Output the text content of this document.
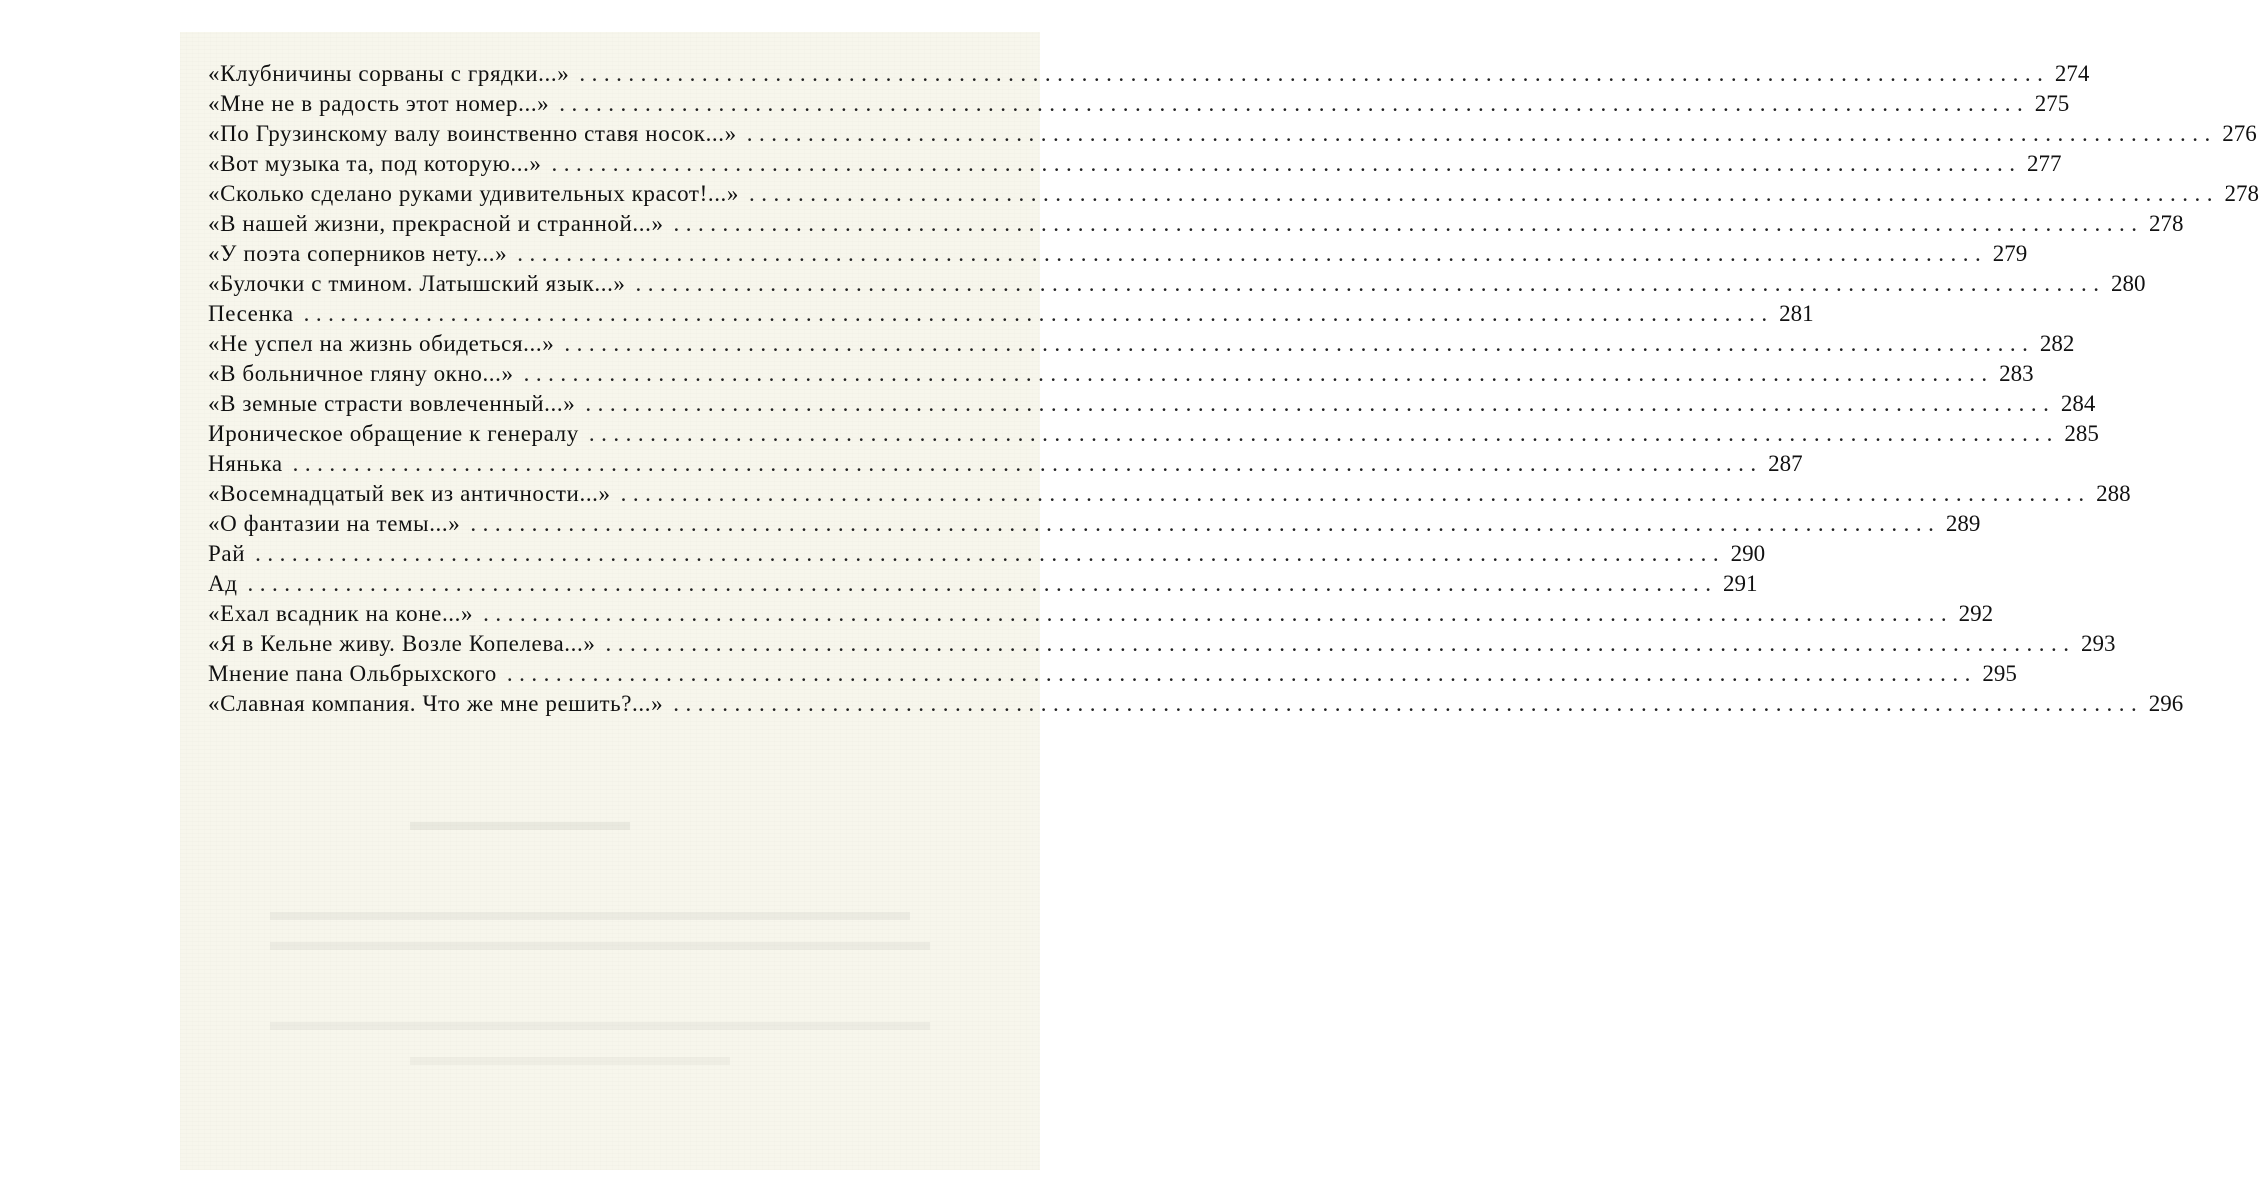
«Клубничины сорваны с грядки...» ........................................................................................................................ 274
«Мне не в радость этот номер...» ........................................................................................................................ 275
«По Грузинскому валу воинственно ставя носок...» ........................................................................................................................ 276
«Вот музыка та, под которую...» ........................................................................................................................ 277
«Сколько сделано руками удивительных красот!...» ........................................................................................................................ 278
«В нашей жизни, прекрасной и странной...» ........................................................................................................................ 278
«У поэта соперников нету...» ........................................................................................................................ 279
«Булочки с тмином. Латышский язык...» ........................................................................................................................ 280
Песенка ........................................................................................................................ 281
«Не успел на жизнь обидеться...» ........................................................................................................................ 282
«В больничное гляну окно...» ........................................................................................................................ 283
«В земные страсти вовлеченный...» ........................................................................................................................ 284
Ироническое обращение к генералу ........................................................................................................................ 285
Нянька ........................................................................................................................ 287
«Восемнадцатый век из античности...» ........................................................................................................................ 288
«О фантазии на темы...» ........................................................................................................................ 289
Рай ........................................................................................................................ 290
Ад ........................................................................................................................ 291
«Ехал всадник на коне...» ........................................................................................................................ 292
«Я в Кельне живу. Возле Копелева...» ........................................................................................................................ 293
Мнение пана Ольбрыхского ........................................................................................................................ 295
«Славная компания. Что же мне решить?...» ........................................................................................................................ 296
